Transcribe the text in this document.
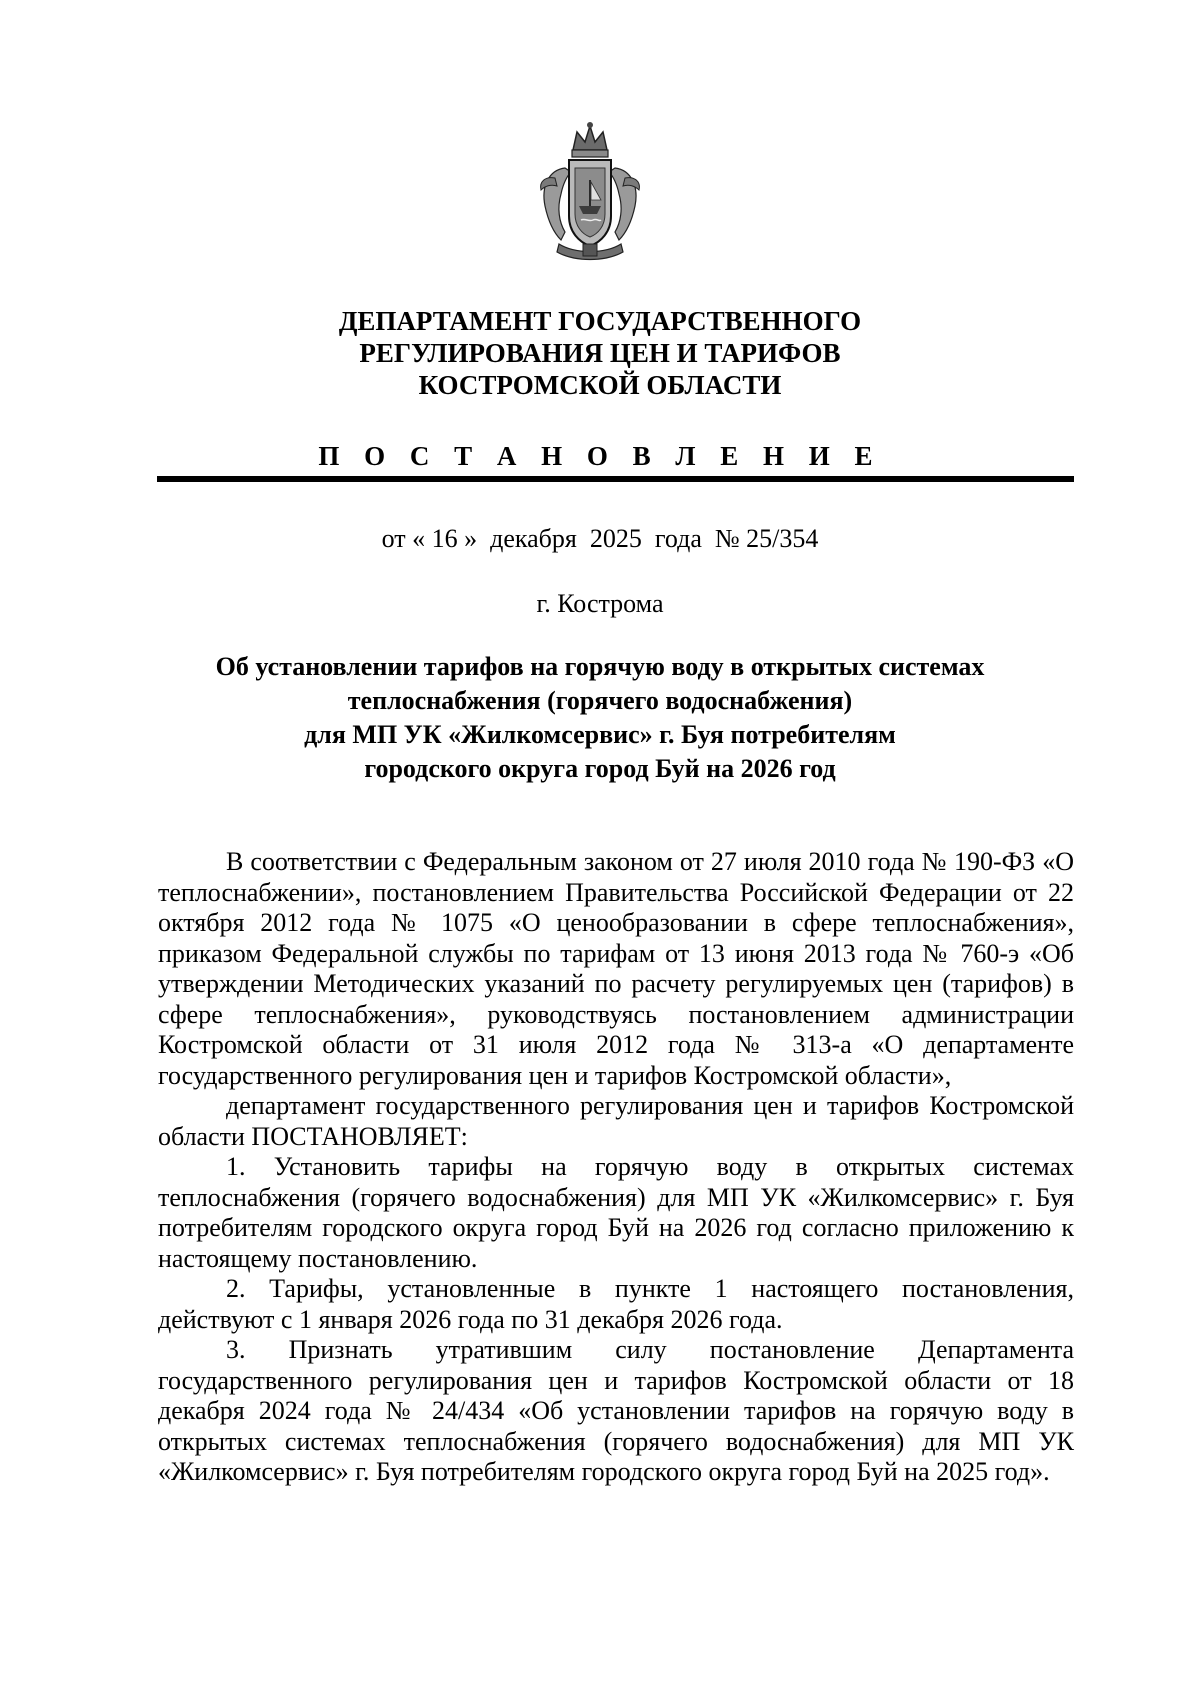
ДЕПАРТАМЕНТ ГОСУДАРСТВЕННОГО
РЕГУЛИРОВАНИЯ ЦЕН И ТАРИФОВ
КОСТРОМСКОЙ ОБЛАСТИ
П О С Т А Н О В Л Е Н И Е
от « 16 »  декабря  2025  года  № 25/354
г. Кострома
Об установлении тарифов на горячую воду в открытых системах
теплоснабжения (горячего водоснабжения)
для МП УК «Жилкомсервис» г. Буя потребителям
городского округа город Буй на 2026 год

В соответствии с Федеральным законом от 27 июля 2010 года № 190-ФЗ «О теплоснабжении», постановлением Правительства Российской Федерации от 22 октября 2012 года № 1075 «О ценообразовании в сфере теплоснабжения», приказом Федеральной службы по тарифам от 13 июня 2013 года № 760-э «Об утверждении Методических указаний по расчету регулируемых цен (тарифов) в сфере теплоснабжения», руководствуясь постановлением администрации Костромской области от 31 июля 2012 года № 313-а «О департаменте государственного регулирования цен и тарифов Костромской области»,

департамент государственного регулирования цен и тарифов Костромской области ПОСТАНОВЛЯЕТ:

1. Установить тарифы на горячую воду в открытых системах теплоснабжения (горячего водоснабжения) для МП УК «Жилкомсервис» г. Буя потребителям городского округа город Буй на 2026 год согласно приложению к настоящему постановлению.

2. Тарифы, установленные в пункте 1 настоящего постановления, действуют с 1 января 2026 года по 31 декабря 2026 года.

3. Признать утратившим силу постановление Департамента государственного регулирования цен и тарифов Костромской области от 18 декабря 2024 года № 24/434 «Об установлении тарифов на горячую воду в открытых системах теплоснабжения (горячего водоснабжения) для МП УК «Жилкомсервис» г. Буя потребителям городского округа город Буй на 2025 год».
